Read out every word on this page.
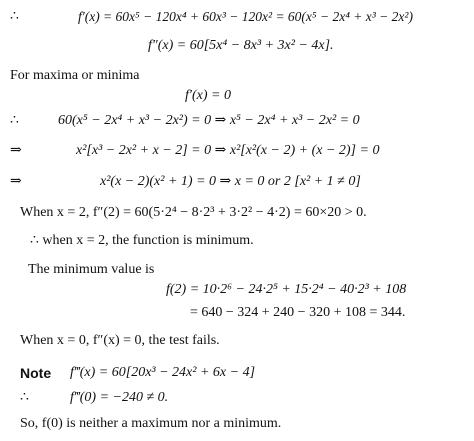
∴	f′(x) = 60x⁵ − 120x⁴ + 60x³ − 120x² = 60(x⁵ − 2x⁴ + x³ − 2x²)
f″(x) = 60[5x⁴ − 8x³ + 3x² − 4x].
For maxima or minima
f′(x) = 0
∴	60(x⁵ − 2x⁴ + x³ − 2x²) = 0 ⇒ x⁵ − 2x⁴ + x³ − 2x² = 0
⇒	x²[x³ − 2x² + x − 2] = 0 ⇒ x²[x²(x − 2) + (x − 2)] = 0
⇒	x²(x − 2)(x² + 1) = 0 ⇒ x = 0 or 2 [x² + 1 ≠ 0]
When x = 2, f″(2) = 60(5·2⁴ − 8·2³ + 3·2² − 4·2) = 60×20 > 0.
∴ when x = 2, the function is minimum.
The minimum value is
f(2) = 10·2⁶ − 24·2⁵ + 15·2⁴ − 40·2³ + 108
= 640 − 324 + 240 − 320 + 108 = 344.
When x = 0, f″(x) = 0, the test fails.
Note f‴(x) = 60[20x³ − 24x² + 6x − 4]
∴	f‴(0) = −240 ≠ 0.
So, f(0) is neither a maximum nor a minimum.
